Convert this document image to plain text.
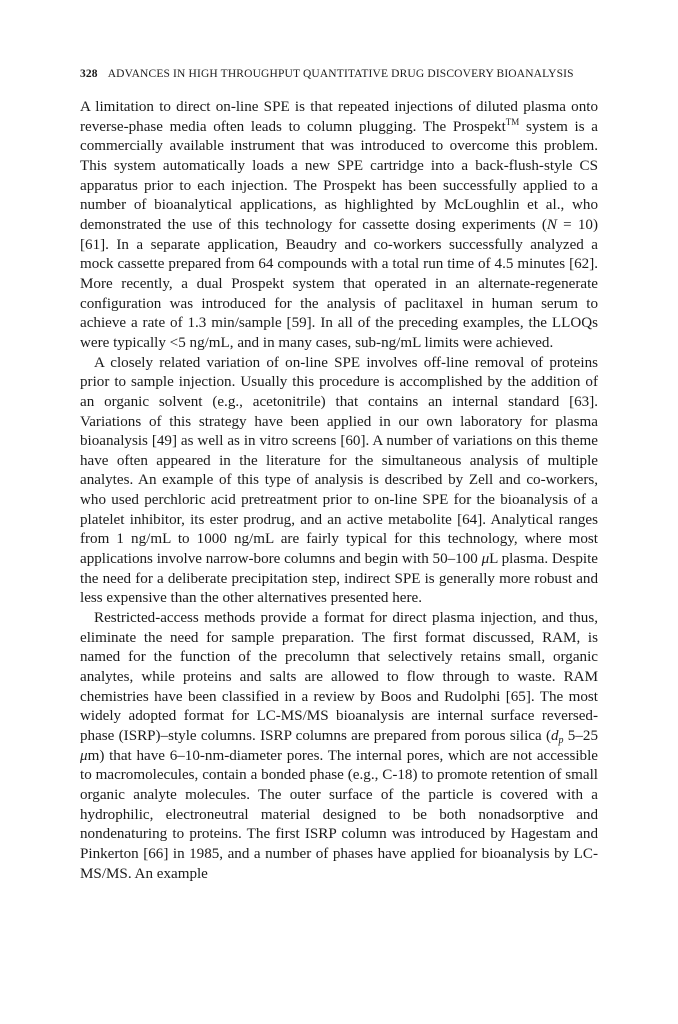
328 ADVANCES IN HIGH THROUGHPUT QUANTITATIVE DRUG DISCOVERY BIOANALYSIS

A limitation to direct on-line SPE is that repeated injections of diluted plasma onto reverse-phase media often leads to column plugging. The Prospekt™ system is a commercially available instrument that was introduced to overcome this problem. This system automatically loads a new SPE cartridge into a back-flush-style CS apparatus prior to each injection. The Prospekt has been successfully applied to a number of bioanalytical applications, as highlighted by McLoughlin et al., who demonstrated the use of this technology for cassette dosing experiments (N = 10) [61]. In a separate application, Beaudry and co-workers successfully analyzed a mock cassette prepared from 64 compounds with a total run time of 4.5 minutes [62]. More recently, a dual Prospekt system that operated in an alternate-regenerate configuration was introduced for the analysis of paclitaxel in human serum to achieve a rate of 1.3 min/sample [59]. In all of the preceding examples, the LLOQs were typically <5 ng/mL, and in many cases, sub-ng/mL limits were achieved.

A closely related variation of on-line SPE involves off-line removal of proteins prior to sample injection. Usually this procedure is accomplished by the addition of an organic solvent (e.g., acetonitrile) that contains an internal standard [63]. Variations of this strategy have been applied in our own laboratory for plasma bioanalysis [49] as well as in vitro screens [60]. A number of variations on this theme have often appeared in the literature for the simultaneous analysis of multiple analytes. An example of this type of analysis is described by Zell and co-workers, who used perchloric acid pretreatment prior to on-line SPE for the bioanalysis of a platelet inhibitor, its ester prodrug, and an active metabolite [64]. Analytical ranges from 1 ng/mL to 1000 ng/mL are fairly typical for this technology, where most applications involve narrow-bore columns and begin with 50–100 μL plasma. Despite the need for a deliberate precipitation step, indirect SPE is generally more robust and less expensive than the other alternatives presented here.

Restricted-access methods provide a format for direct plasma injection, and thus, eliminate the need for sample preparation. The first format discussed, RAM, is named for the function of the precolumn that selectively retains small, organic analytes, while proteins and salts are allowed to flow through to waste. RAM chemistries have been classified in a review by Boos and Rudolphi [65]. The most widely adopted format for LC-MS/MS bioanalysis are internal surface reversed-phase (ISRP)–style columns. ISRP columns are prepared from porous silica ($d_p$ 5–25 μm) that have 6–10-nm-diameter pores. The internal pores, which are not accessible to macromolecules, contain a bonded phase (e.g., C-18) to promote retention of small organic analyte molecules. The outer surface of the particle is covered with a hydrophilic, electroneutral material designed to be both nonadsorptive and nondenaturing to proteins. The first ISRP column was introduced by Hagestam and Pinkerton [66] in 1985, and a number of phases have applied for bioanalysis by LC-MS/MS. An example
